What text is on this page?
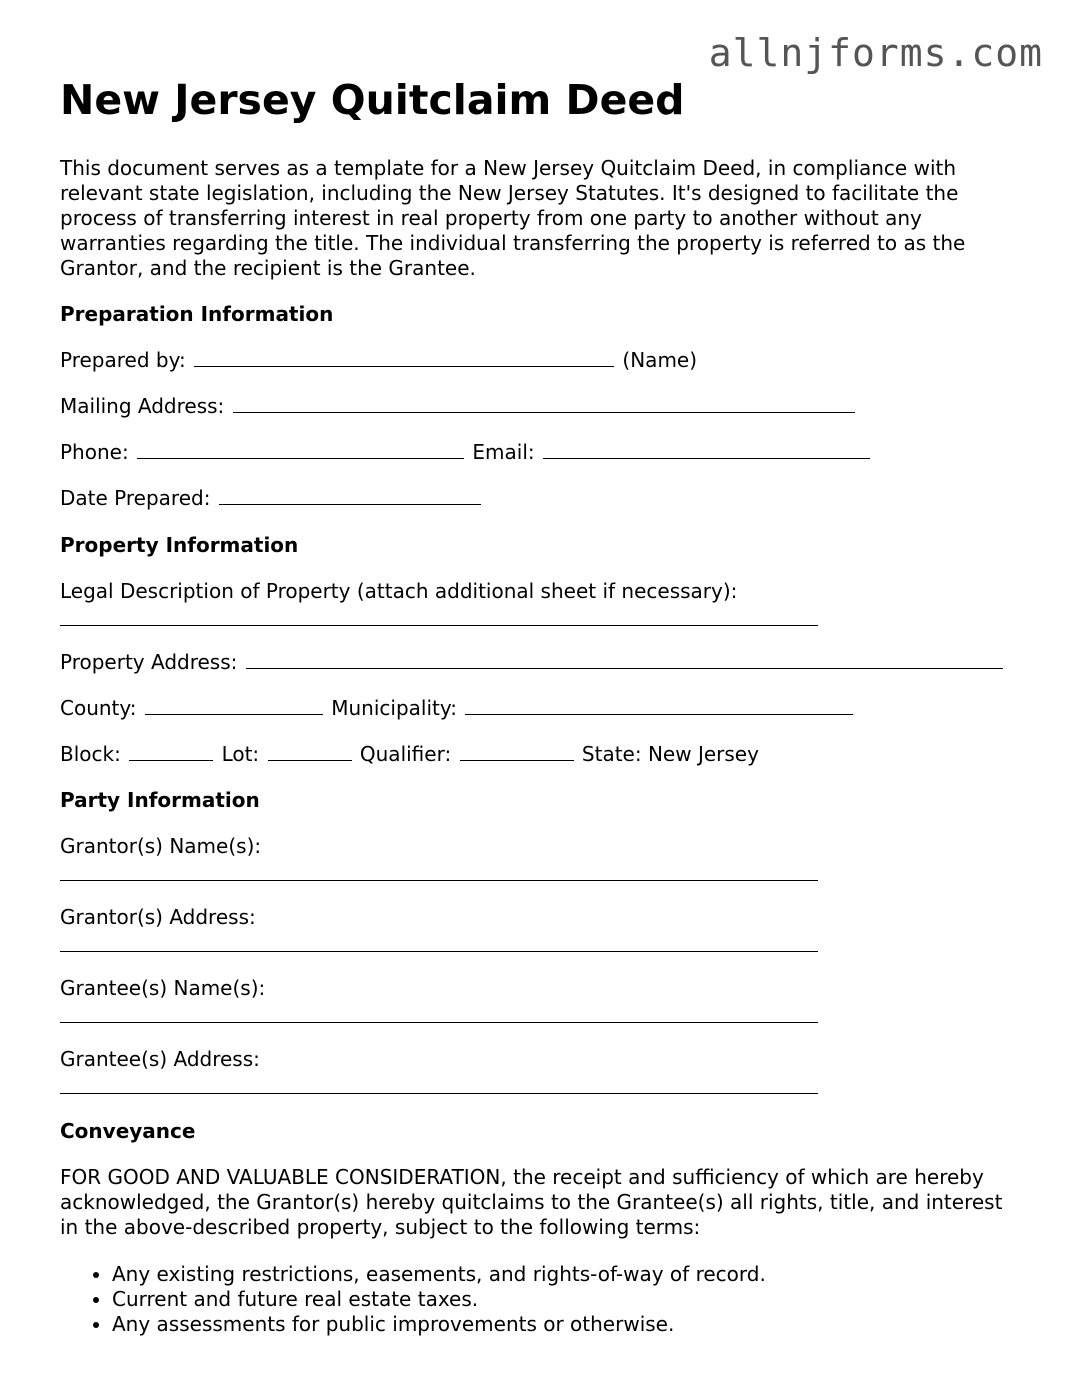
allnjforms.com
New Jersey Quitclaim Deed

This document serves as a template for a New Jersey Quitclaim Deed, in compliance with relevant state legislation, including the New Jersey Statutes. It's designed to facilitate the process of transferring interest in real property from one party to another without any warranties regarding the title. The individual transferring the property is referred to as the Grantor, and the recipient is the Grantee.

Preparation Information
Prepared by:	(Name)
Mailing Address:
Phone:	Email:
Date Prepared:
Property Information
Legal Description of Property (attach additional sheet if necessary):
Property Address:
County:	Municipality:
Block:	Lot:	Qualifier:	State: New Jersey
Party Information
Grantor(s) Name(s):
Grantor(s) Address:
Grantee(s) Name(s):
Grantee(s) Address:
Conveyance

FOR GOOD AND VALUABLE CONSIDERATION, the receipt and sufficiency of which are hereby acknowledged, the Grantor(s) hereby quitclaims to the Grantee(s) all rights, title, and interest in the above-described property, subject to the following terms:

• Any existing restrictions, easements, and rights-of-way of record.
• Current and future real estate taxes.
• Any assessments for public improvements or otherwise.
